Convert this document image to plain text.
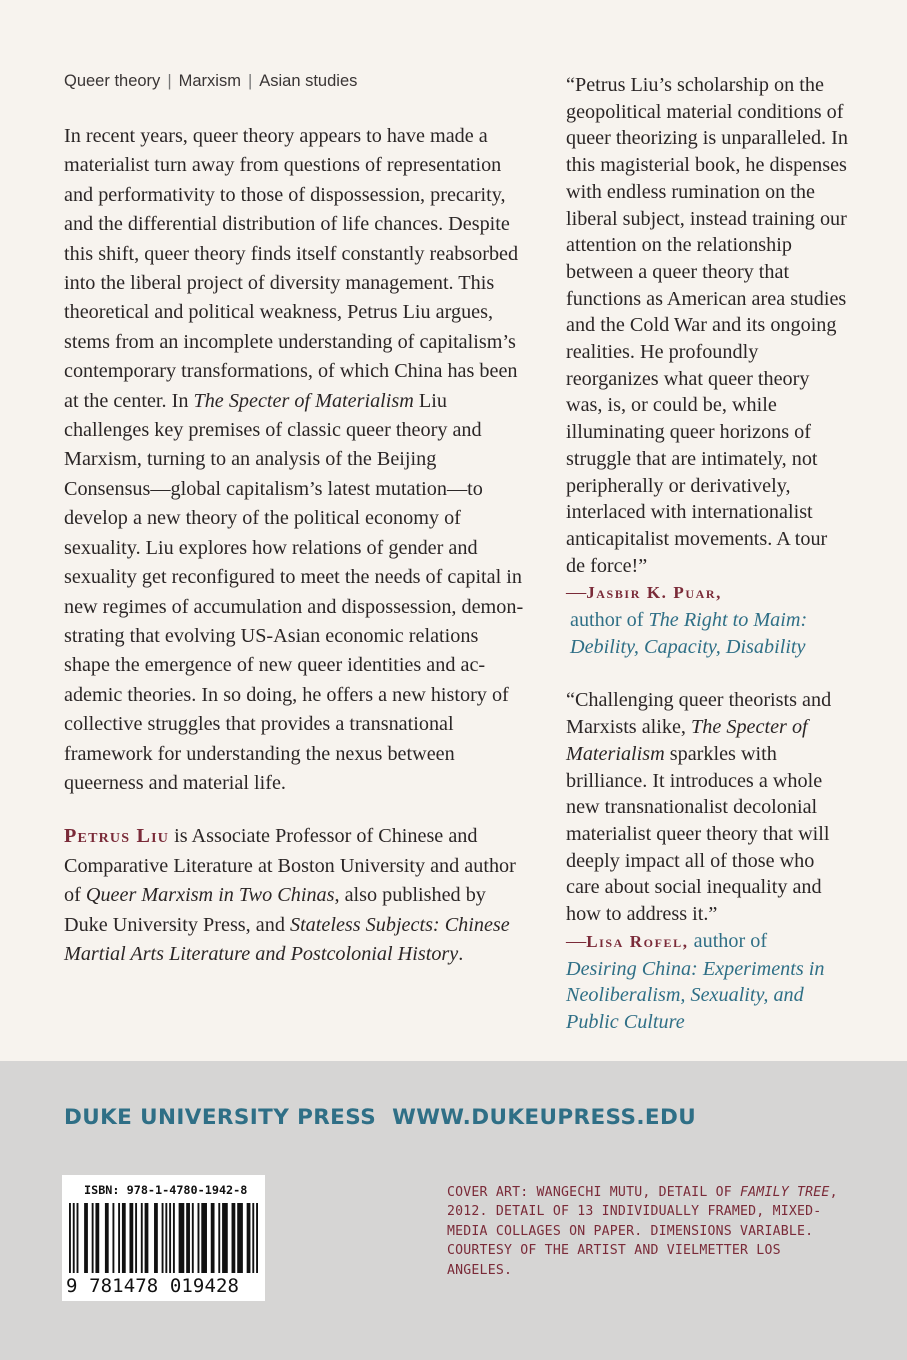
Queer theory | Marxism | Asian studies

In recent years, queer theory appears to have made a materialist turn away from questions of representation and performativity to those of dispossession, precarity, and the differential distribution of life chances. Despite this shift, queer theory finds itself constantly reabsorbed into the liberal project of diversity management. This theoretical and political weakness, Petrus Liu argues, stems from an incomplete understanding of capitalism’s contemporary transformations, of which China has been at the center. In The Specter of Materialism Liu challenges key premises of classic queer theory and Marxism, turning to an analysis of the Beijing Consensus—global capitalism’s latest mutation—to develop a new theory of the political economy of sexuality. Liu explores how relations of gender and sexuality get reconfigured to meet the needs of capital in new regimes of accumulation and dispossession, demonstrating that evolving US-Asian economic relations shape the emergence of new queer identities and academic theories. In so doing, he offers a new history of collective struggles that provides a transnational framework for understanding the nexus between queerness and material life.

Petrus Liu is Associate Professor of Chinese and Comparative Literature at Boston University and author of Queer Marxism in Two Chinas, also published by Duke University Press, and Stateless Subjects: Chinese Martial Arts Literature and Postcolonial History.

“Petrus Liu’s scholarship on the geopolitical material conditions of queer theorizing is unparalleled. In this magisterial book, he dispenses with endless rumination on the liberal subject, instead training our attention on the relationship between a queer theory that functions as American area studies and the Cold War and its ongoing realities. He profoundly reorganizes what queer theory was, is, or could be, while illuminating queer horizons of struggle that are intimately, not peripherally or derivatively, interlaced with internationalist anticapitalist movements. A tour de force!”

—Jasbir K. Puar,

author of The Right to Maim: Debility, Capacity, Disability

“Challenging queer theorists and Marxists alike, The Specter of Materialism sparkles with brilliance. It introduces a whole new transnationalist decolonial materialist queer theory that will deeply impact all of those who care about social inequality and how to address it.”

—Lisa Rofel, author of
Desiring China: Experiments in Neoliberalism, Sexuality, and Public Culture

DUKE UNIVERSITY PRESS WWW.DUKEUPRESS.EDU
ISBN: 978-1-4780-1942-8
9 781478 019428

COVER ART: WANGECHI MUTU, DETAIL OF FAMILY TREE, 2012. DETAIL OF 13 INDIVIDUALLY FRAMED, MIXED-MEDIA COLLAGES ON PAPER. DIMENSIONS VARIABLE. COURTESY OF THE ARTIST AND VIELMETTER LOS ANGELES.
